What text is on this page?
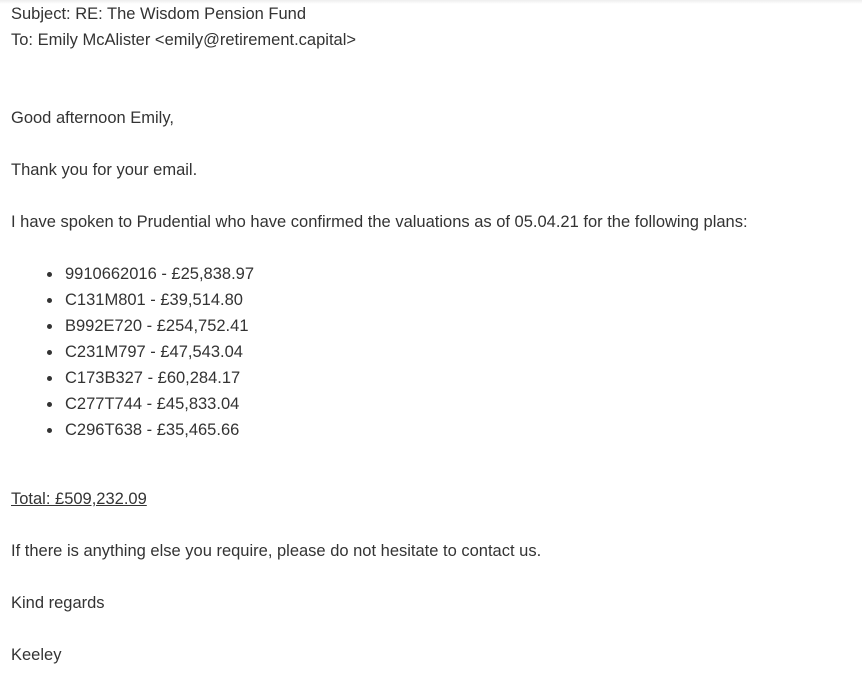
Subject: RE: The Wisdom Pension Fund
To: Emily McAlister <emily@retirement.capital>
Good afternoon Emily,
Thank you for your email.
I have spoken to Prudential who have confirmed the valuations as of 05.04.21 for the following plans:
9910662016 - £25,838.97
C131M801 - £39,514.80
B992E720 - £254,752.41
C231M797 - £47,543.04
C173B327 - £60,284.17
C277T744 - £45,833.04
C296T638 - £35,465.66
Total: £509,232.09
If there is anything else you require, please do not hesitate to contact us.
Kind regards
Keeley
